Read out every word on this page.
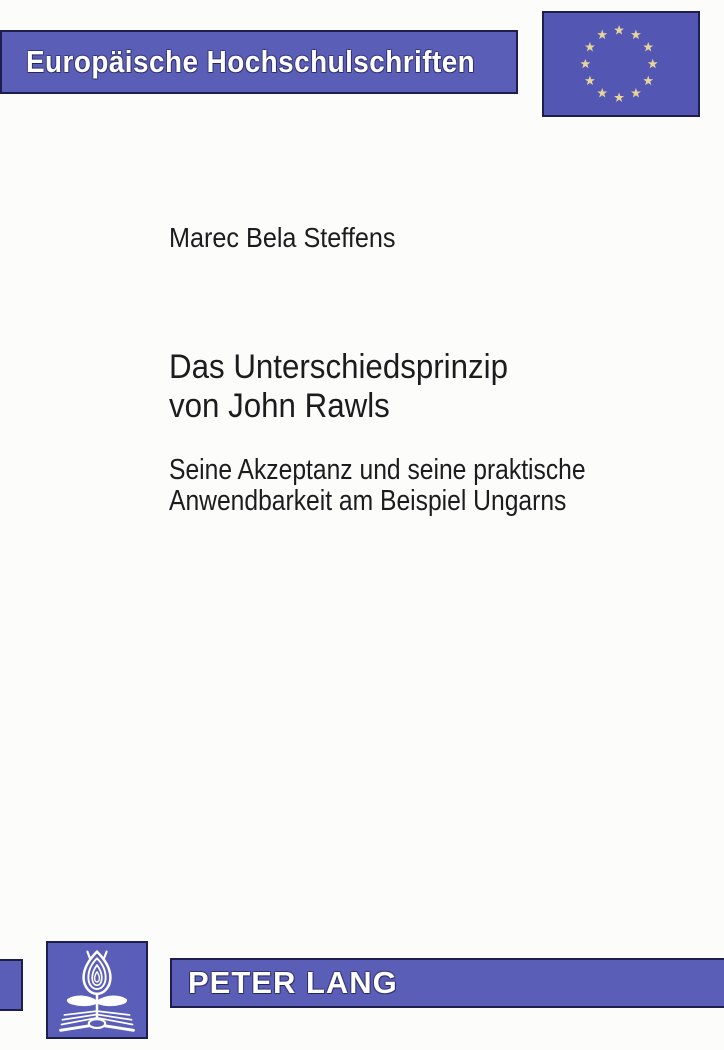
Europäische Hochschulschriften
Marec Bela Steffens
Das Unterschiedsprinzip
von John Rawls
Seine Akzeptanz und seine praktische
Anwendbarkeit am Beispiel Ungarns
PETER LANG
